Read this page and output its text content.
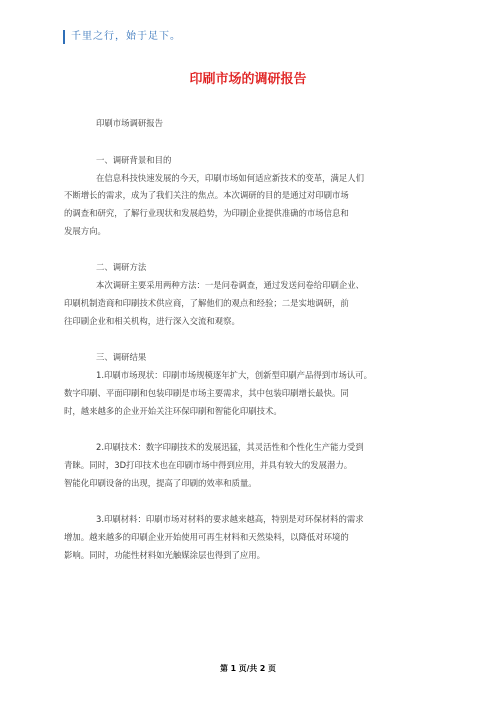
千里之行，始于足下。
印刷市场的调研报告
印刷市场调研报告
一、调研背景和目的
在信息科技快速发展的今天，印刷市场如何适应新技术的变革，满足人们
不断增长的需求，成为了我们关注的焦点。本次调研的目的是通过对印刷市场
的调查和研究，了解行业现状和发展趋势，为印刷企业提供准确的市场信息和
发展方向。
二、调研方法
本次调研主要采用两种方法：一是问卷调查，通过发送问卷给印刷企业、
印刷机制造商和印刷技术供应商，了解他们的观点和经验；二是实地调研，前
往印刷企业和相关机构，进行深入交流和观察。
三、调研结果
1.印刷市场现状：印刷市场规模逐年扩大，创新型印刷产品得到市场认可。
数字印刷、平面印刷和包装印刷是市场主要需求，其中包装印刷增长最快。同
时，越来越多的企业开始关注环保印刷和智能化印刷技术。
2.印刷技术：数字印刷技术的发展迅猛，其灵活性和个性化生产能力受到
青睐。同时，3D打印技术也在印刷市场中得到应用，并具有较大的发展潜力。
智能化印刷设备的出现，提高了印刷的效率和质量。
3.印刷材料：印刷市场对材料的要求越来越高，特别是对环保材料的需求
增加。越来越多的印刷企业开始使用可再生材料和天然染料，以降低对环境的
影响。同时，功能性材料如光触媒涂层也得到了应用。
第 1 页/共 2 页
